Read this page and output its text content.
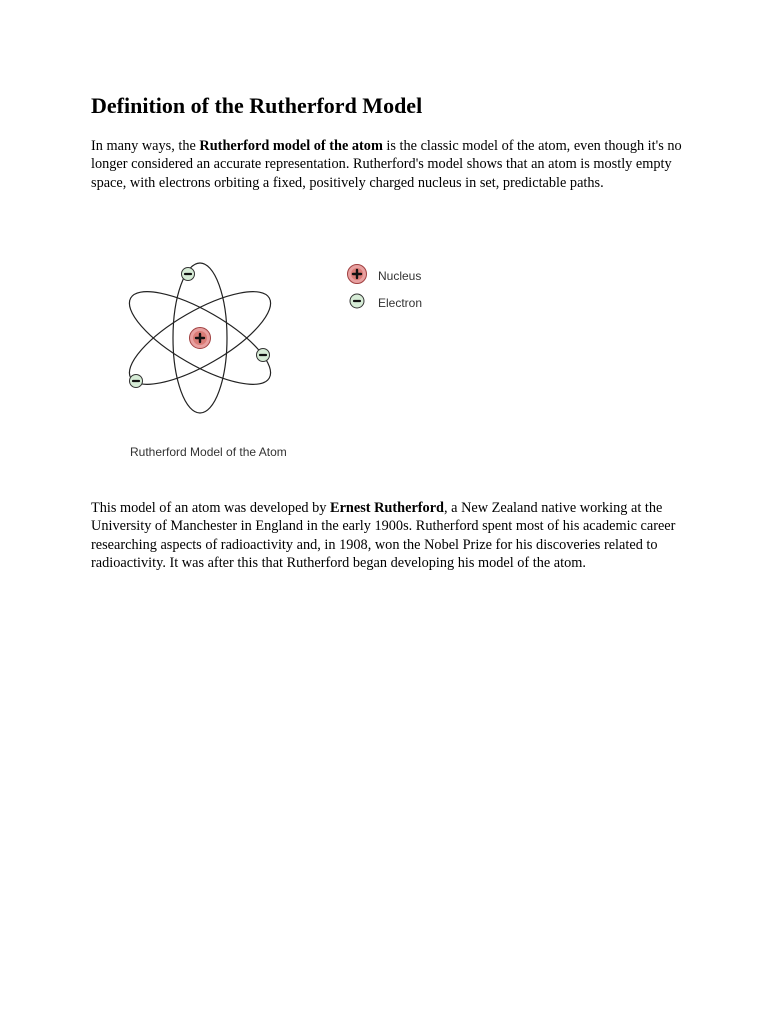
Definition of the Rutherford Model

In many ways, the Rutherford model of the atom is the classic model of the atom, even though it's no longer considered an accurate representation. Rutherford's model shows that an atom is mostly empty space, with electrons orbiting a fixed, positively charged nucleus in set, predictable paths.

Nucleus
Electron
Rutherford Model of the Atom

This model of an atom was developed by Ernest Rutherford, a New Zealand native working at the University of Manchester in England in the early 1900s. Rutherford spent most of his academic career researching aspects of radioactivity and, in 1908, won the Nobel Prize for his discoveries related to radioactivity. It was after this that Rutherford began developing his model of the atom.
